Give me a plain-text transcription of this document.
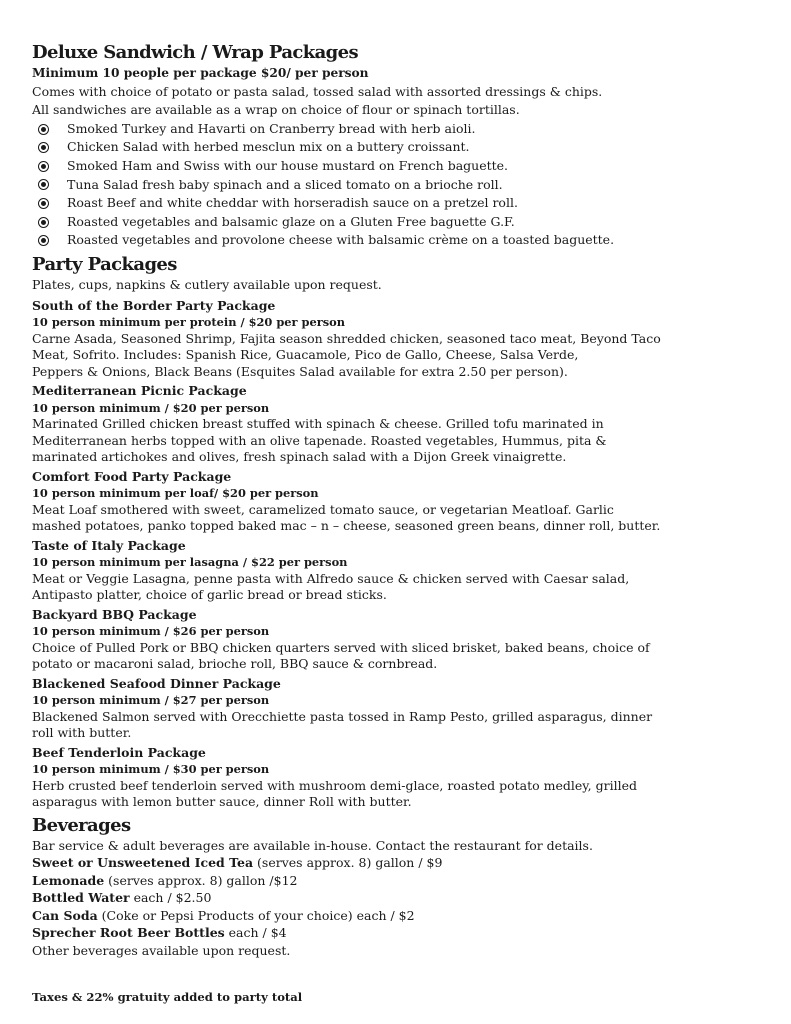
Deluxe Sandwich / Wrap Packages

Minimum 10 people per package $20/ per person

Comes with choice of potato or pasta salad, tossed salad with assorted dressings & chips.

All sandwiches are available as a wrap on choice of flour or spinach tortillas.

Smoked Turkey and Havarti on Cranberry bread with herb aioli.
Chicken Salad with herbed mesclun mix on a buttery croissant.
Smoked Ham and Swiss with our house mustard on French baguette.
Tuna Salad fresh baby spinach and a sliced tomato on a brioche roll.
Roast Beef and white cheddar with horseradish sauce on a pretzel roll.
Roasted vegetables and balsamic glaze on a Gluten Free baguette G.F.
Roasted vegetables and provolone cheese with balsamic crème on a toasted baguette.
Party Packages

Plates, cups, napkins & cutlery available upon request.

South of the Border Party Package
10 person minimum per protein / $20 per person

Carne Asada, Seasoned Shrimp, Fajita season shredded chicken, seasoned taco meat, Beyond Taco

Meat, Sofrito. Includes: Spanish Rice, Guacamole, Pico de Gallo, Cheese, Salsa Verde,

Peppers & Onions, Black Beans (Esquites Salad available for extra 2.50 per person).

Mediterranean Picnic Package
10 person minimum / $20 per person

Marinated Grilled chicken breast stuffed with spinach & cheese. Grilled tofu marinated in

Mediterranean herbs topped with an olive tapenade. Roasted vegetables, Hummus, pita &

marinated artichokes and olives, fresh spinach salad with a Dijon Greek vinaigrette.

Comfort Food Party Package
10 person minimum per loaf/ $20 per person

Meat Loaf smothered with sweet, caramelized tomato sauce, or vegetarian Meatloaf. Garlic

mashed potatoes, panko topped baked mac – n – cheese, seasoned green beans, dinner roll, butter.

Taste of Italy Package
10 person minimum per lasagna / $22 per person

Meat or Veggie Lasagna, penne pasta with Alfredo sauce & chicken served with Caesar salad,

Antipasto platter, choice of garlic bread or bread sticks.

Backyard BBQ Package
10 person minimum / $26 per person

Choice of Pulled Pork or BBQ chicken quarters served with sliced brisket, baked beans, choice of

potato or macaroni salad, brioche roll, BBQ sauce & cornbread.

Blackened Seafood Dinner Package
10 person minimum / $27 per person

Blackened Salmon served with Orecchiette pasta tossed in Ramp Pesto, grilled asparagus, dinner

roll with butter.

Beef Tenderloin Package
10 person minimum / $30 per person

Herb crusted beef tenderloin served with mushroom demi-glace, roasted potato medley, grilled

asparagus with lemon butter sauce, dinner Roll with butter.

Beverages

Bar service & adult beverages are available in-house. Contact the restaurant for details.

Sweet or Unsweetened Iced Tea (serves approx. 8) gallon / $9

Lemonade (serves approx. 8) gallon /$12

Bottled Water each / $2.50

Can Soda (Coke or Pepsi Products of your choice) each / $2

Sprecher Root Beer Bottles each / $4

Other beverages available upon request.

Taxes & 22% gratuity added to party total
